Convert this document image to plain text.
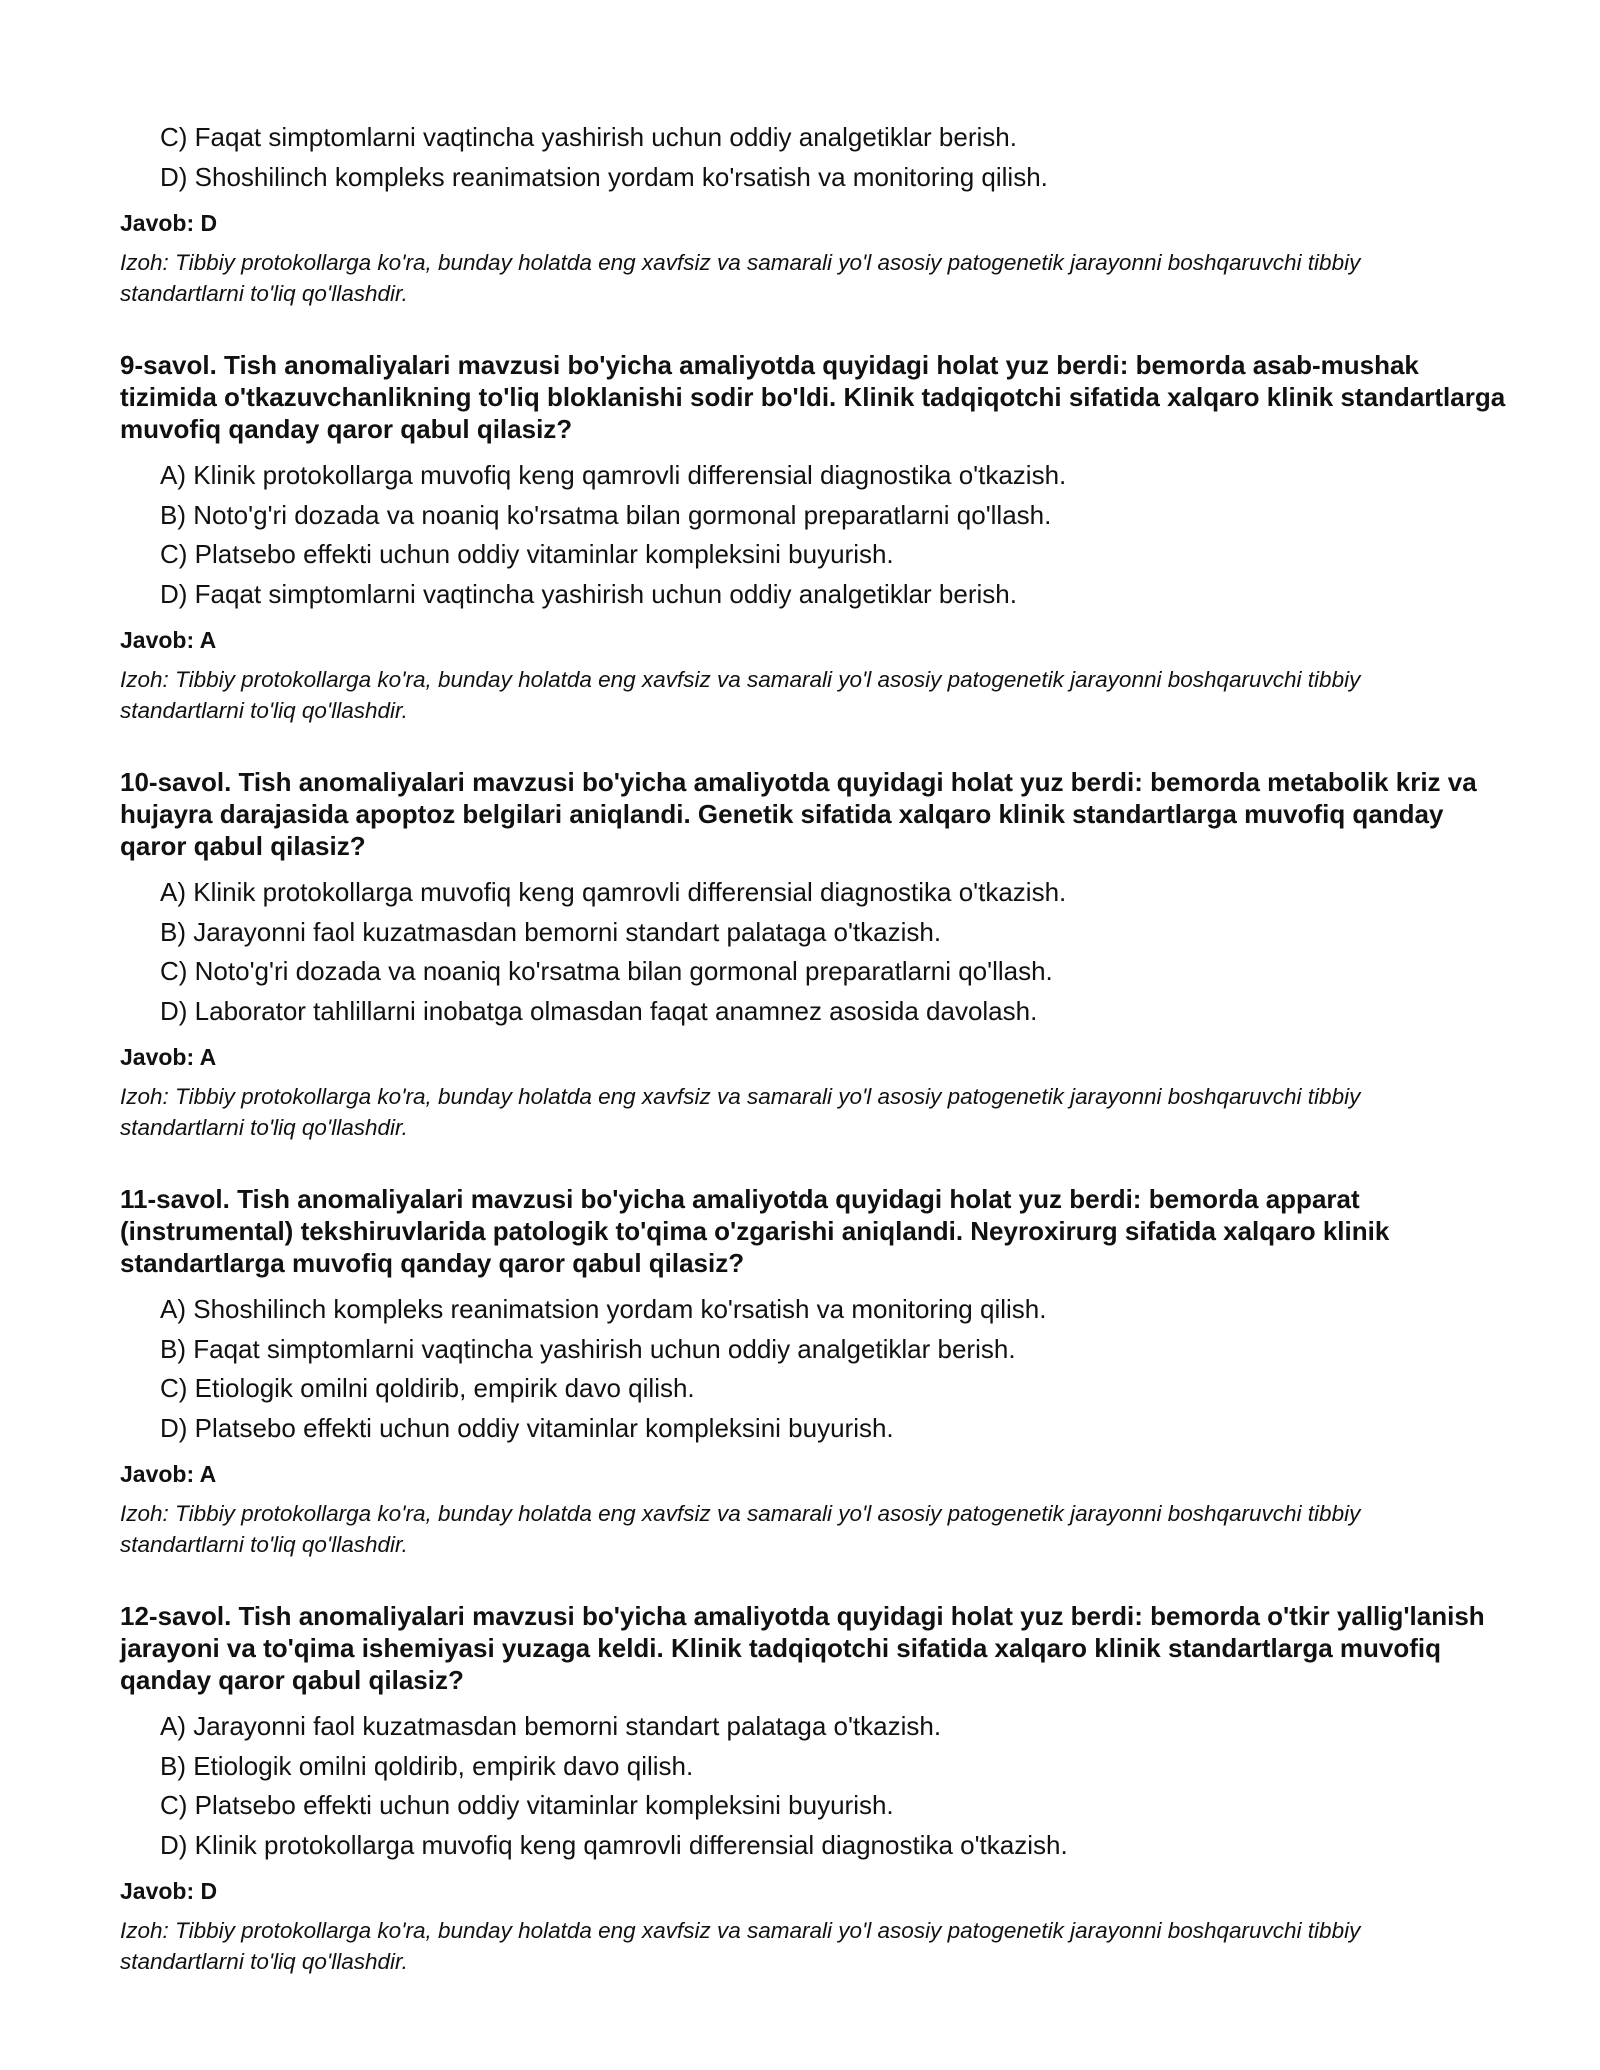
C) Faqat simptomlarni vaqtincha yashirish uchun oddiy analgetiklar berish.
D) Shoshilinch kompleks reanimatsion yordam ko'rsatish va monitoring qilish.
Javob: D
Izoh: Tibbiy protokollarga ko'ra, bunday holatda eng xavfsiz va samarali yo'l asosiy patogenetik jarayonni boshqaruvchi tibbiy standartlarni to'liq qo'llashdir.
9-savol. Tish anomaliyalari mavzusi bo'yicha amaliyotda quyidagi holat yuz berdi: bemorda asab-mushak tizimida o'tkazuvchanlikning to'liq bloklanishi sodir bo'ldi. Klinik tadqiqotchi sifatida xalqaro klinik standartlarga muvofiq qanday qaror qabul qilasiz?
A) Klinik protokollarga muvofiq keng qamrovli differensial diagnostika o'tkazish.
B) Noto'g'ri dozada va noaniq ko'rsatma bilan gormonal preparatlarni qo'llash.
C) Platsebo effekti uchun oddiy vitaminlar kompleksini buyurish.
D) Faqat simptomlarni vaqtincha yashirish uchun oddiy analgetiklar berish.
Javob: A
Izoh: Tibbiy protokollarga ko'ra, bunday holatda eng xavfsiz va samarali yo'l asosiy patogenetik jarayonni boshqaruvchi tibbiy standartlarni to'liq qo'llashdir.
10-savol. Tish anomaliyalari mavzusi bo'yicha amaliyotda quyidagi holat yuz berdi: bemorda metabolik kriz va hujayra darajasida apoptoz belgilari aniqlandi. Genetik sifatida xalqaro klinik standartlarga muvofiq qanday qaror qabul qilasiz?
A) Klinik protokollarga muvofiq keng qamrovli differensial diagnostika o'tkazish.
B) Jarayonni faol kuzatmasdan bemorni standart palataga o'tkazish.
C) Noto'g'ri dozada va noaniq ko'rsatma bilan gormonal preparatlarni qo'llash.
D) Laborator tahlillarni inobatga olmasdan faqat anamnez asosida davolash.
Javob: A
Izoh: Tibbiy protokollarga ko'ra, bunday holatda eng xavfsiz va samarali yo'l asosiy patogenetik jarayonni boshqaruvchi tibbiy standartlarni to'liq qo'llashdir.
11-savol. Tish anomaliyalari mavzusi bo'yicha amaliyotda quyidagi holat yuz berdi: bemorda apparat (instrumental) tekshiruvlarida patologik to'qima o'zgarishi aniqlandi. Neyroxirurg sifatida xalqaro klinik standartlarga muvofiq qanday qaror qabul qilasiz?
A) Shoshilinch kompleks reanimatsion yordam ko'rsatish va monitoring qilish.
B) Faqat simptomlarni vaqtincha yashirish uchun oddiy analgetiklar berish.
C) Etiologik omilni qoldirib, empirik davo qilish.
D) Platsebo effekti uchun oddiy vitaminlar kompleksini buyurish.
Javob: A
Izoh: Tibbiy protokollarga ko'ra, bunday holatda eng xavfsiz va samarali yo'l asosiy patogenetik jarayonni boshqaruvchi tibbiy standartlarni to'liq qo'llashdir.
12-savol. Tish anomaliyalari mavzusi bo'yicha amaliyotda quyidagi holat yuz berdi: bemorda o'tkir yallig'lanish jarayoni va to'qima ishemiyasi yuzaga keldi. Klinik tadqiqotchi sifatida xalqaro klinik standartlarga muvofiq qanday qaror qabul qilasiz?
A) Jarayonni faol kuzatmasdan bemorni standart palataga o'tkazish.
B) Etiologik omilni qoldirib, empirik davo qilish.
C) Platsebo effekti uchun oddiy vitaminlar kompleksini buyurish.
D) Klinik protokollarga muvofiq keng qamrovli differensial diagnostika o'tkazish.
Javob: D
Izoh: Tibbiy protokollarga ko'ra, bunday holatda eng xavfsiz va samarali yo'l asosiy patogenetik jarayonni boshqaruvchi tibbiy standartlarni to'liq qo'llashdir.
